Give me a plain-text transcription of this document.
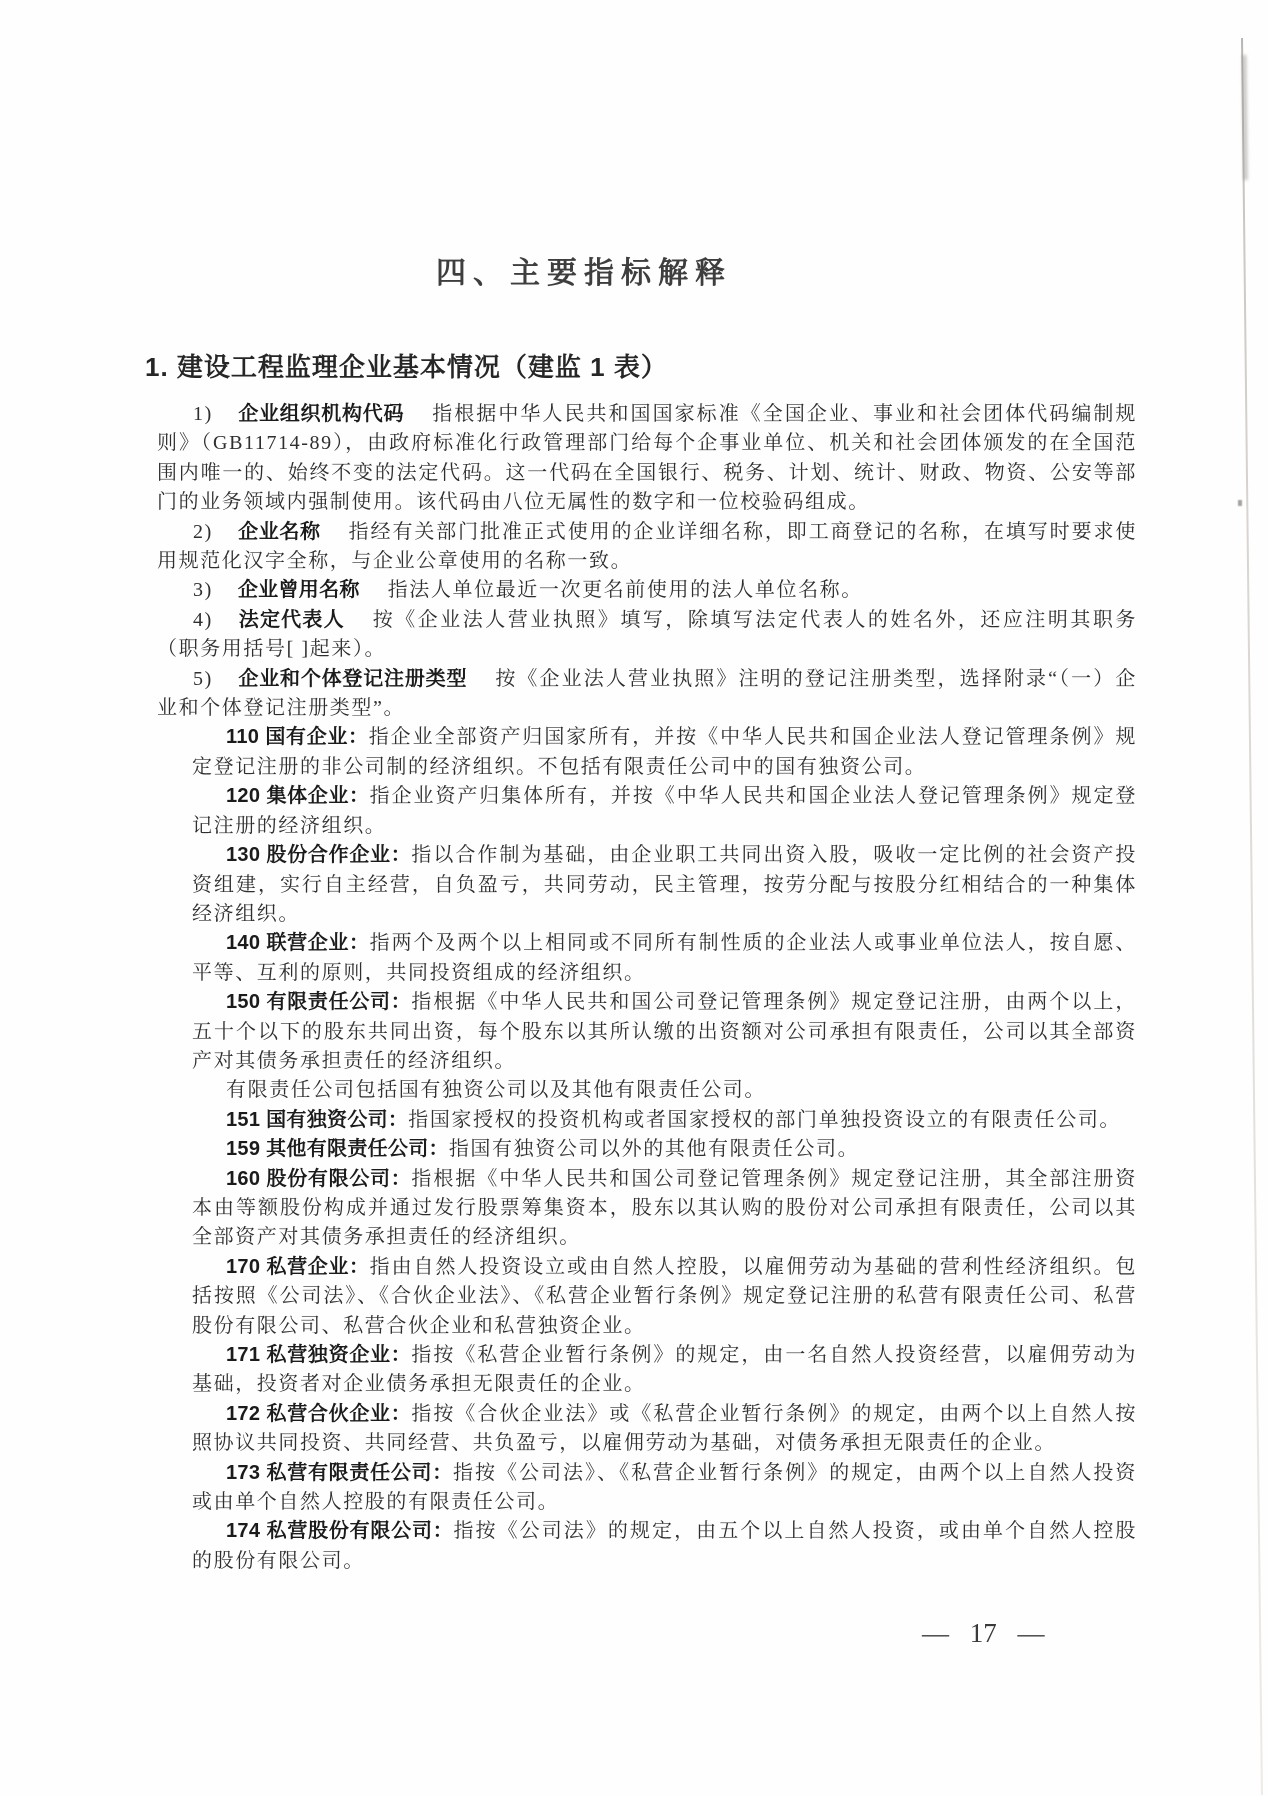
四、主要指标解释
1. 建设工程监理企业基本情况（建监 1 表）

1) 企业组织机构代码 指根据中华人民共和国国家标准《全国企业、事业和社会团体代码编制规则》（GB11714-89），由政府标准化行政管理部门给每个企事业单位、机关和社会团体颁发的在全国范围内唯一的、始终不变的法定代码。这一代码在全国银行、税务、计划、统计、财政、物资、公安等部门的业务领域内强制使用。该代码由八位无属性的数字和一位校验码组成。

2) 企业名称 指经有关部门批准正式使用的企业详细名称，即工商登记的名称，在填写时要求使用规范化汉字全称，与企业公章使用的名称一致。

3) 企业曾用名称 指法人单位最近一次更名前使用的法人单位名称。

4) 法定代表人 按《企业法人营业执照》填写，除填写法定代表人的姓名外，还应注明其职务（职务用括号[ ]起来）。

5) 企业和个体登记注册类型 按《企业法人营业执照》注明的登记注册类型，选择附录“（一）企业和个体登记注册类型”。

110 国有企业：指企业全部资产归国家所有，并按《中华人民共和国企业法人登记管理条例》规定登记注册的非公司制的经济组织。不包括有限责任公司中的国有独资公司。

120 集体企业：指企业资产归集体所有，并按《中华人民共和国企业法人登记管理条例》规定登记注册的经济组织。

130 股份合作企业：指以合作制为基础，由企业职工共同出资入股，吸收一定比例的社会资产投资组建，实行自主经营，自负盈亏，共同劳动，民主管理，按劳分配与按股分红相结合的一种集体经济组织。

140 联营企业：指两个及两个以上相同或不同所有制性质的企业法人或事业单位法人，按自愿、平等、互利的原则，共同投资组成的经济组织。

150 有限责任公司：指根据《中华人民共和国公司登记管理条例》规定登记注册，由两个以上，五十个以下的股东共同出资，每个股东以其所认缴的出资额对公司承担有限责任，公司以其全部资产对其债务承担责任的经济组织。

有限责任公司包括国有独资公司以及其他有限责任公司。

151 国有独资公司：指国家授权的投资机构或者国家授权的部门单独投资设立的有限责任公司。

159 其他有限责任公司：指国有独资公司以外的其他有限责任公司。

160 股份有限公司：指根据《中华人民共和国公司登记管理条例》规定登记注册，其全部注册资本由等额股份构成并通过发行股票筹集资本，股东以其认购的股份对公司承担有限责任，公司以其全部资产对其债务承担责任的经济组织。

170 私营企业：指由自然人投资设立或由自然人控股，以雇佣劳动为基础的营利性经济组织。包括按照《公司法》、《合伙企业法》、《私营企业暂行条例》规定登记注册的私营有限责任公司、私营股份有限公司、私营合伙企业和私营独资企业。

171 私营独资企业：指按《私营企业暂行条例》的规定，由一名自然人投资经营，以雇佣劳动为基础，投资者对企业债务承担无限责任的企业。

172 私营合伙企业：指按《合伙企业法》或《私营企业暂行条例》的规定，由两个以上自然人按照协议共同投资、共同经营、共负盈亏，以雇佣劳动为基础，对债务承担无限责任的企业。

173 私营有限责任公司：指按《公司法》、《私营企业暂行条例》的规定，由两个以上自然人投资或由单个自然人控股的有限责任公司。

174 私营股份有限公司：指按《公司法》的规定，由五个以上自然人投资，或由单个自然人控股的股份有限公司。

— 17 —
